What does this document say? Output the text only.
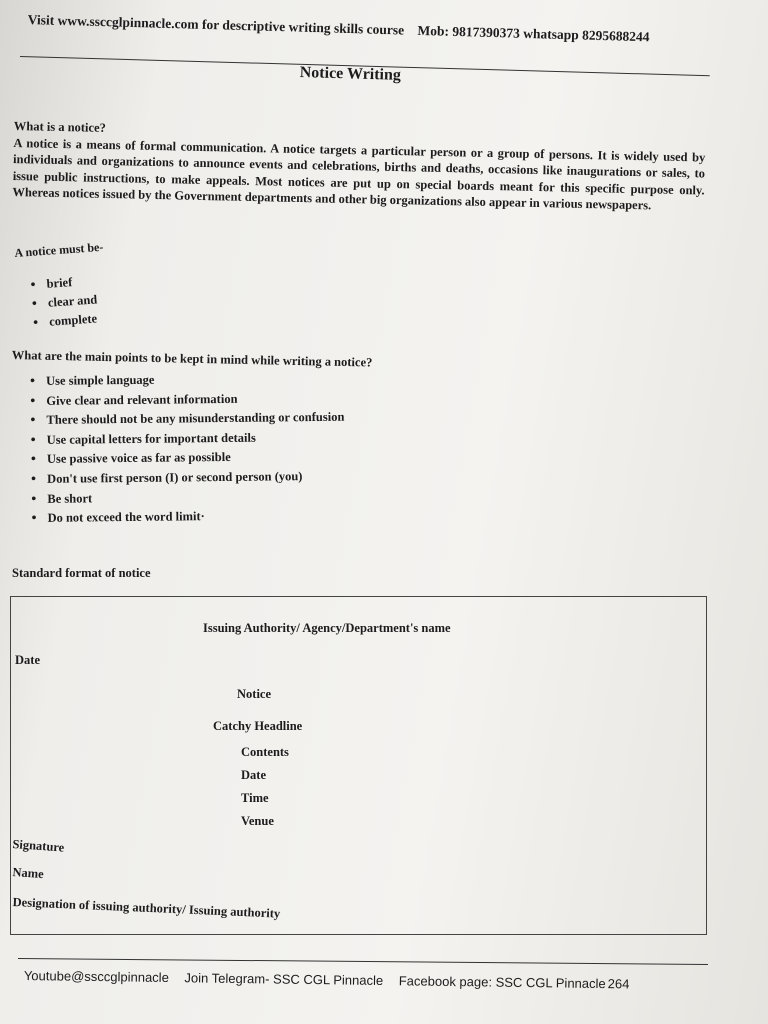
Visit www.ssccglpinnacle.com for descriptive writing skills course Mob: 9817390373 whatsapp 8295688244
Notice Writing
What is a notice?
A notice is a means of formal communication. A notice targets a particular person or a group of persons. It is widely used by individuals and organizations to announce events and celebrations, births and deaths, occasions like inaugurations or sales, to issue public instructions, to make appeals. Most notices are put up on special boards meant for this specific purpose only. Whereas notices issued by the Government departments and other big organizations also appear in various newspapers.
A notice must be-
• brief
• clear and
• complete
What are the main points to be kept in mind while writing a notice?
• Use simple language
• Give clear and relevant information
• There should not be any misunderstanding or confusion
• Use capital letters for important details
• Use passive voice as far as possible
• Don't use first person (I) or second person (you)
• Be short
• Do not exceed the word limit·
Standard format of notice
Issuing Authority/ Agency/Department's name
Date
Notice
Catchy Headline
Contents
Date
Time
Venue
Signature
Name
Designation of issuing authority/ Issuing authority
Youtube@ssccglpinnacle Join Telegram- SSC CGL Pinnacle Facebook page: SSC CGL Pinnacle 264
